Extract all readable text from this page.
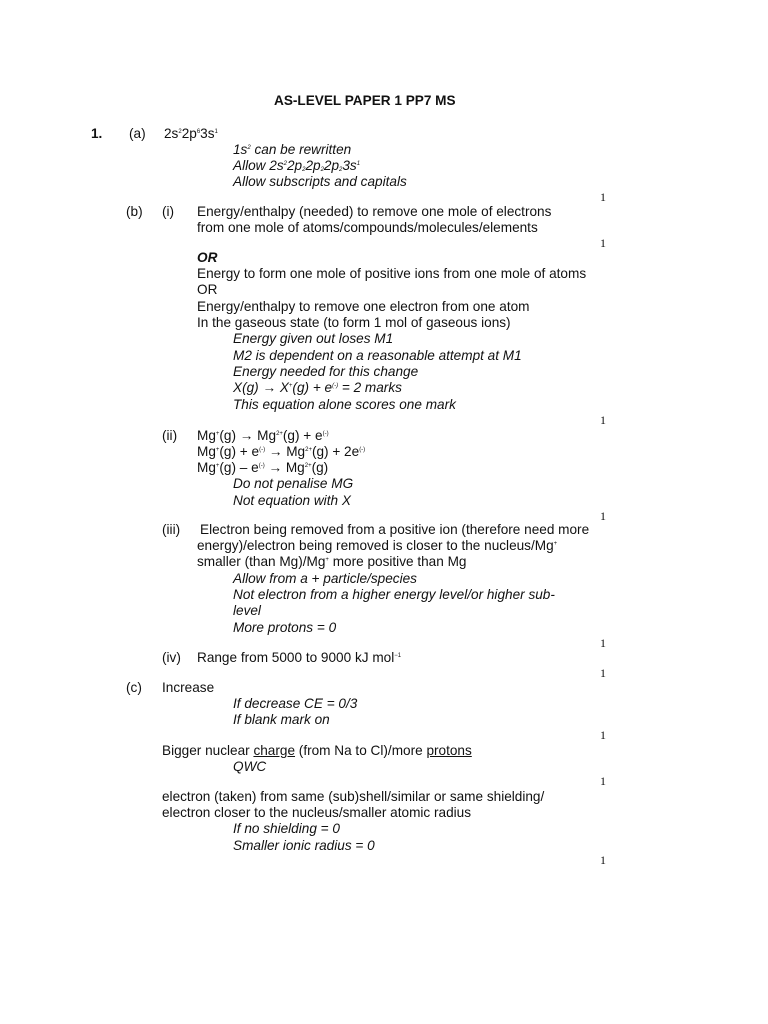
AS-LEVEL PAPER 1 PP7 MS
1. (a) $2s^22p^63s^1$
$1s^2$ can be rewritten
Allow $2s^22p_22p_22p_23s^1$
Allow subscripts and capitals
1
(b) (i) Energy/enthalpy (needed) to remove one mole of electrons
from one mole of atoms/compounds/molecules/elements
1
OR
Energy to form one mole of positive ions from one mole of atoms
OR
Energy/enthalpy to remove one electron from one atom
In the gaseous state (to form 1 mol of gaseous ions)
Energy given out loses M1
M2 is dependent on a reasonable attempt at M1
Energy needed for this change
X(g) → X+(g) + e(-) = 2 marks
This equation alone scores one mark
1
(ii) $Mg^+(g) \to Mg^{2+}(g) + e^{(-)}$
$Mg^+(g) + e^{(-)} \to Mg^{2+}(g) + 2e^{(-)}$
$Mg^+(g) - e^{(-)} \to Mg^{2+}(g)$
Do not penalise MG
Not equation with X
1
(iii) Electron being removed from a positive ion (therefore need more
energy)/electron being removed is closer to the nucleus/Mg+
smaller (than Mg)/Mg+ more positive than Mg
Allow from a + particle/species
Not electron from a higher energy level/or higher sub-
level
More protons = 0
1
(iv) Range from 5000 to 9000 kJ mol$^{-1}$
1
(c) Increase
If decrease CE = 0/3
If blank mark on
1
Bigger nuclear charge (from Na to Cl)/more protons
QWC
1
electron (taken) from same (sub)shell/similar or same shielding/
electron closer to the nucleus/smaller atomic radius
If no shielding = 0
Smaller ionic radius = 0
1
